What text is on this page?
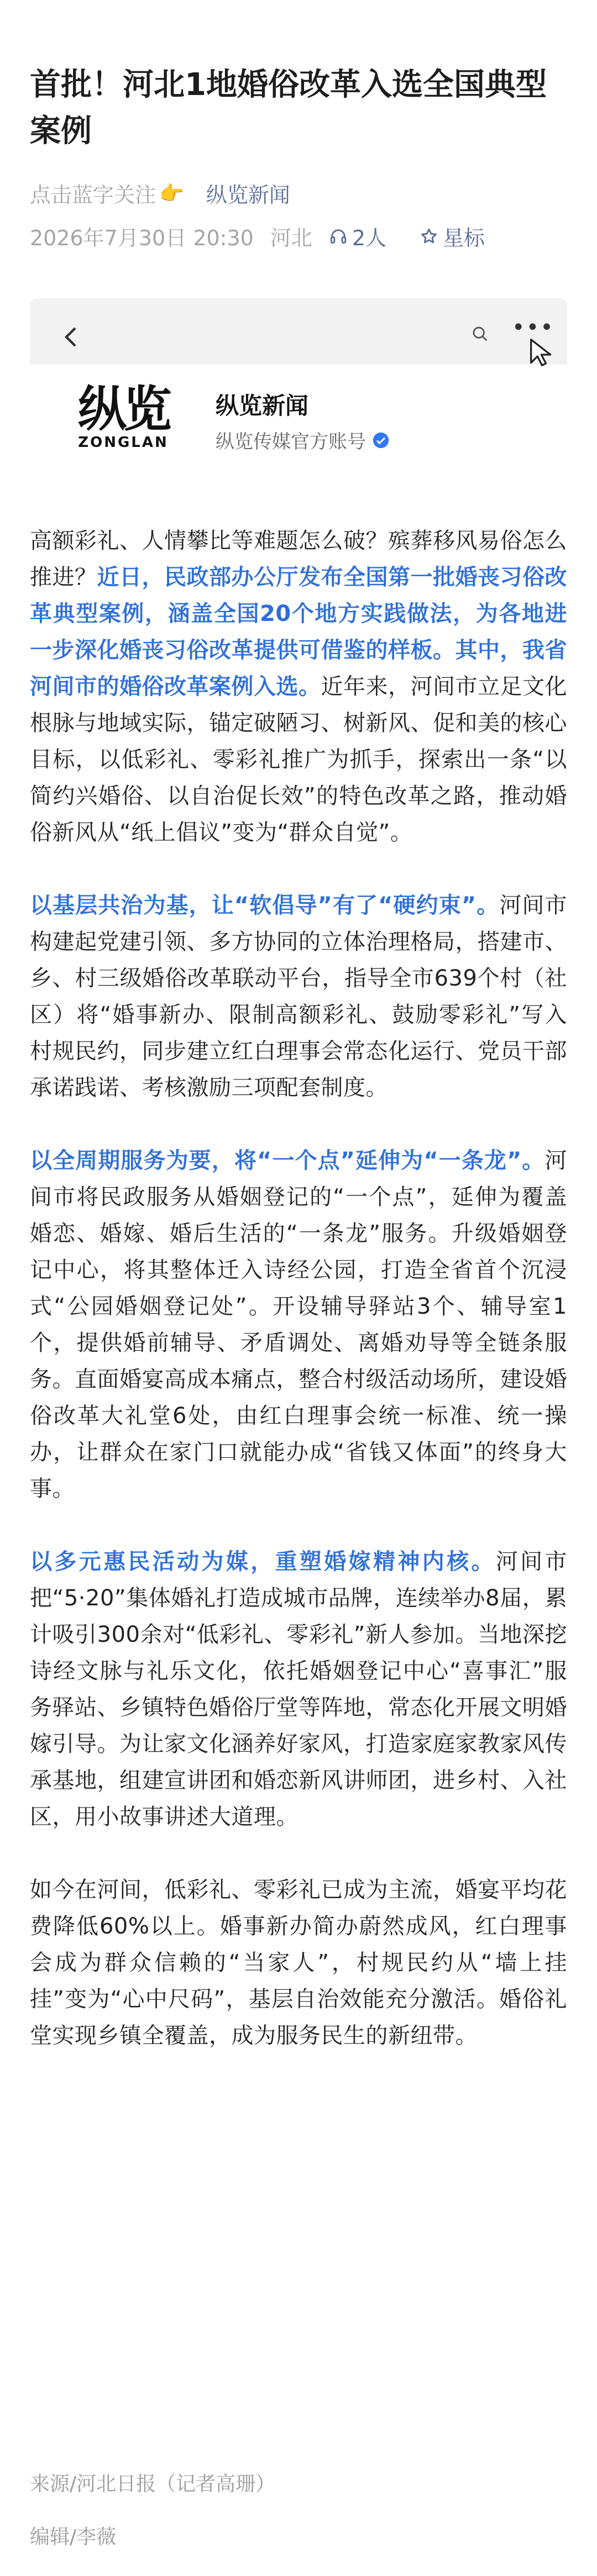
首批！河北1地婚俗改革入选全国典型案例
点击蓝字关注 👉 纵览新闻
2026年7月30日 20:30 河北 2人	星标
•••
纵览
ZONGLAN
纵览新闻
纵览传媒官方账号

高额彩礼、人情攀比等难题怎么破？殡葬移风易俗怎么推进？近日，民政部办公厅发布全国第一批婚丧习俗改革典型案例，涵盖全国20个地方实践做法，为各地进一步深化婚丧习俗改革提供可借鉴的样板。其中，我省河间市的婚俗改革案例入选。近年来，河间市立足文化根脉与地域实际，锚定破陋习、树新风、促和美的核心目标，以低彩礼、零彩礼推广为抓手，探索出一条“以简约兴婚俗、以自治促长效”的特色改革之路，推动婚俗新风从“纸上倡议”变为“群众自觉”。

以基层共治为基，让“软倡导”有了“硬约束”。河间市构建起党建引领、多方协同的立体治理格局，搭建市、乡、村三级婚俗改革联动平台，指导全市639个村（社区）将“婚事新办、限制高额彩礼、鼓励零彩礼”写入村规民约，同步建立红白理事会常态化运行、党员干部承诺践诺、考核激励三项配套制度。

以全周期服务为要，将“一个点”延伸为“一条龙”。河间市将民政服务从婚姻登记的“一个点”，延伸为覆盖婚恋、婚嫁、婚后生活的“一条龙”服务。升级婚姻登记中心，将其整体迁入诗经公园，打造全省首个沉浸式“公园婚姻登记处”。开设辅导驿站3个、辅导室1个，提供婚前辅导、矛盾调处、离婚劝导等全链条服务。直面婚宴高成本痛点，整合村级活动场所，建设婚俗改革大礼堂6处，由红白理事会统一标准、统一操办，让群众在家门口就能办成“省钱又体面”的终身大事。

以多元惠民活动为媒，重塑婚嫁精神内核。河间市把“5·20”集体婚礼打造成城市品牌，连续举办8届，累计吸引300余对“低彩礼、零彩礼”新人参加。当地深挖诗经文脉与礼乐文化，依托婚姻登记中心“喜事汇”服务驿站、乡镇特色婚俗厅堂等阵地，常态化开展文明婚嫁引导。为让家文化涵养好家风，打造家庭家教家风传承基地，组建宣讲团和婚恋新风讲师团，进乡村、入社区，用小故事讲述大道理。

如今在河间，低彩礼、零彩礼已成为主流，婚宴平均花费降低60%以上。婚事新办简办蔚然成风，红白理事会成为群众信赖的“当家人”，村规民约从“墙上挂挂”变为“心中尺码”，基层自治效能充分激活。婚俗礼堂实现乡镇全覆盖，成为服务民生的新纽带。

来源/河北日报（记者高珊）
编辑/李薇
